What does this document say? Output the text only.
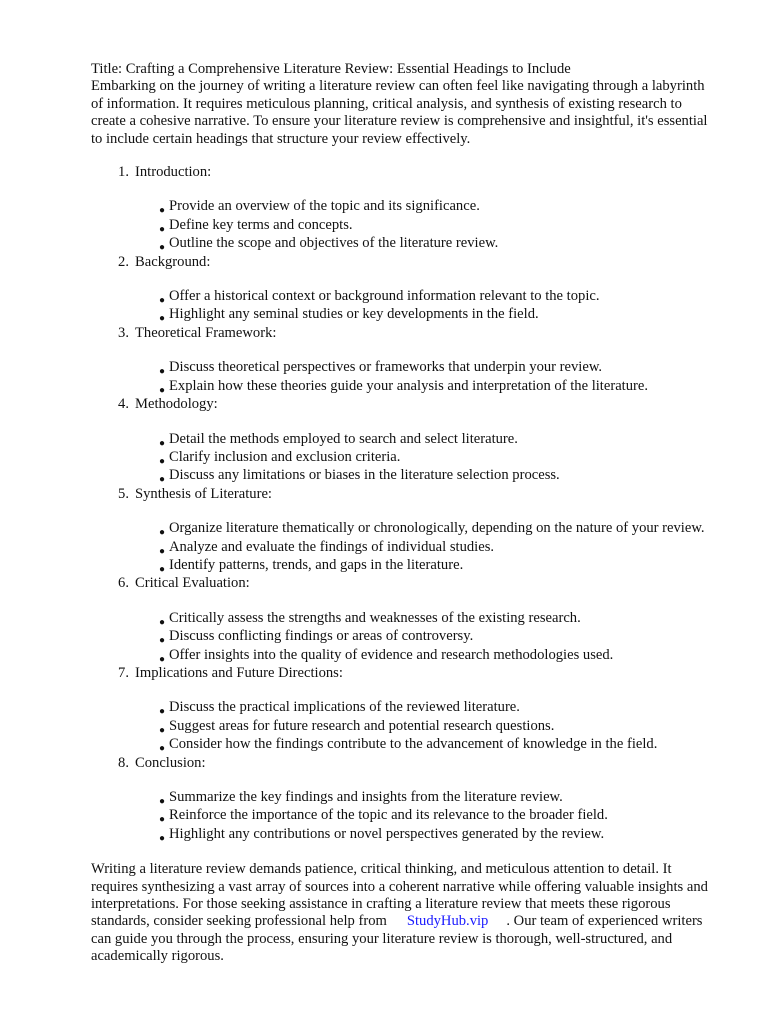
Title: Crafting a Comprehensive Literature Review: Essential Headings to Include

Embarking on the journey of writing a literature review can often feel like navigating through a labyrinth of information. It requires meticulous planning, critical analysis, and synthesis of existing research to create a cohesive narrative. To ensure your literature review is comprehensive and insightful, it's essential to include certain headings that structure your review effectively.

1. Introduction:
● Provide an overview of the topic and its significance.
● Define key terms and concepts.
● Outline the scope and objectives of the literature review.
2. Background:
● Offer a historical context or background information relevant to the topic.
● Highlight any seminal studies or key developments in the field.
3. Theoretical Framework:
● Discuss theoretical perspectives or frameworks that underpin your review.
● Explain how these theories guide your analysis and interpretation of the literature.
4. Methodology:
● Detail the methods employed to search and select literature.
● Clarify inclusion and exclusion criteria.
● Discuss any limitations or biases in the literature selection process.
5. Synthesis of Literature:
● Organize literature thematically or chronologically, depending on the nature of your review.
● Analyze and evaluate the findings of individual studies.
● Identify patterns, trends, and gaps in the literature.
6. Critical Evaluation:
● Critically assess the strengths and weaknesses of the existing research.
● Discuss conflicting findings or areas of controversy.
● Offer insights into the quality of evidence and research methodologies used.
7. Implications and Future Directions:
● Discuss the practical implications of the reviewed literature.
● Suggest areas for future research and potential research questions.
● Consider how the findings contribute to the advancement of knowledge in the field.
8. Conclusion:
● Summarize the key findings and insights from the literature review.
● Reinforce the importance of the topic and its relevance to the broader field.
● Highlight any contributions or novel perspectives generated by the review.

Writing a literature review demands patience, critical thinking, and meticulous attention to detail. It requires synthesizing a vast array of sources into a coherent narrative while offering valuable insights and interpretations. For those seeking assistance in crafting a literature review that meets these rigorous standards, consider seeking professional help from StudyHub.vip . Our team of experienced writers can guide you through the process, ensuring your literature review is thorough, well-structured, and academically rigorous.
